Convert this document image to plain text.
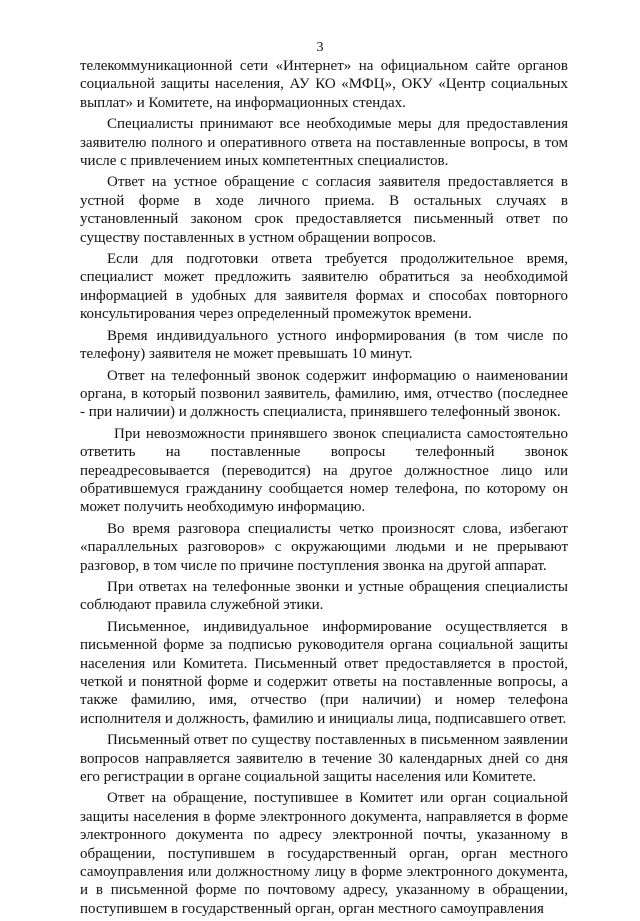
3

телекоммуникационной сети «Интернет» на официальном сайте органов социальной защиты населения, АУ КО «МФЦ», ОКУ «Центр социальных выплат» и Комитете, на информационных стендах.

Специалисты принимают все необходимые меры для предоставления заявителю полного и оперативного ответа на поставленные вопросы, в том числе с привлечением иных компетентных специалистов.

Ответ на устное обращение с согласия заявителя предоставляется в устной форме в ходе личного приема. В остальных случаях в установленный законом срок предоставляется письменный ответ по существу поставленных в устном обращении вопросов.

Если для подготовки ответа требуется продолжительное время, специалист может предложить заявителю обратиться за необходимой информацией в удобных для заявителя формах и способах повторного консультирования через определенный промежуток времени.

Время индивидуального устного информирования (в том числе по телефону) заявителя не может превышать 10 минут.

Ответ на телефонный звонок содержит информацию о наименовании органа, в который позвонил заявитель, фамилию, имя, отчество (последнее - при наличии) и должность специалиста, принявшего телефонный звонок.

При невозможности принявшего звонок специалиста самостоятельно ответить на поставленные вопросы телефонный звонок переадресовывается (переводится) на другое должностное лицо или обратившемуся гражданину сообщается номер телефона, по которому он может получить необходимую информацию.

Во время разговора специалисты четко произносят слова, избегают «параллельных разговоров» с окружающими людьми и не прерывают разговор, в том числе по причине поступления звонка на другой аппарат.

При ответах на телефонные звонки и устные обращения специалисты соблюдают правила служебной этики.

Письменное, индивидуальное информирование осуществляется в письменной форме за подписью руководителя органа социальной защиты населения или Комитета. Письменный ответ предоставляется в простой, четкой и понятной форме и содержит ответы на поставленные вопросы, а также фамилию, имя, отчество (при наличии) и номер телефона исполнителя и должность, фамилию и инициалы лица, подписавшего ответ.

Письменный ответ по существу поставленных в письменном заявлении вопросов направляется заявителю в течение 30 календарных дней со дня его регистрации в органе социальной защиты населения или Комитете.

Ответ на обращение, поступившее в Комитет или орган социальной защиты населения в форме электронного документа, направляется в форме электронного документа по адресу электронной почты, указанному в обращении, поступившем в государственный орган, орган местного самоуправления или должностному лицу в форме электронного документа, и в письменной форме по почтовому адресу, указанному в обращении, поступившем в государственный орган, орган местного самоуправления
